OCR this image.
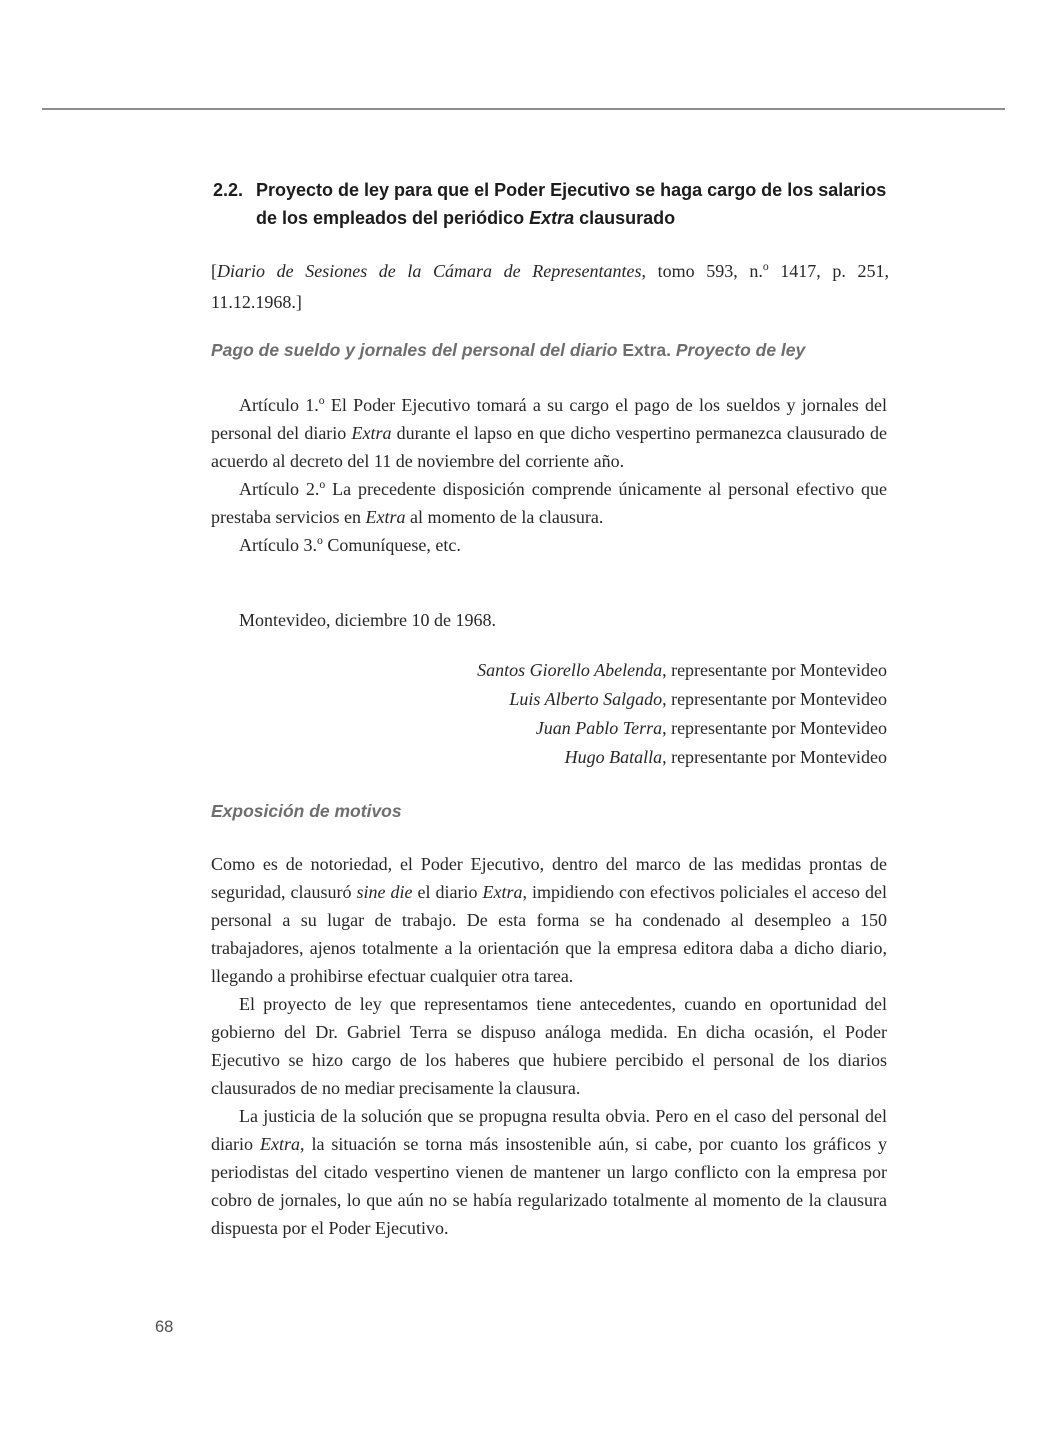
2.2. Proyecto de ley para que el Poder Ejecutivo se haga cargo de los salarios de los empleados del periódico Extra clausurado
[Diario de Sesiones de la Cámara de Representantes, tomo 593, n.$^o$ 1417, p. 251, 11.12.1968.]
Pago de sueldo y jornales del personal del diario Extra. Proyecto de ley

Artículo 1.$^o$ El Poder Ejecutivo tomará a su cargo el pago de los sueldos y jornales del personal del diario Extra durante el lapso en que dicho vespertino permanezca clausurado de acuerdo al decreto del 11 de noviembre del corriente año.

Artículo 2.$^o$ La precedente disposición comprende únicamente al personal efectivo que prestaba servicios en Extra al momento de la clausura.

Artículo 3.$^o$ Comuníquese, etc.

Montevideo, diciembre 10 de 1968.
Santos Giorello Abelenda, representante por Montevideo
Luis Alberto Salgado, representante por Montevideo
Juan Pablo Terra, representante por Montevideo
Hugo Batalla, representante por Montevideo
Exposición de motivos

Como es de notoriedad, el Poder Ejecutivo, dentro del marco de las medidas prontas de seguridad, clausuró sine die el diario Extra, impidiendo con efectivos policiales el acceso del personal a su lugar de trabajo. De esta forma se ha condenado al desempleo a 150 trabajadores, ajenos totalmente a la orientación que la empresa editora daba a dicho diario, llegando a prohibirse efectuar cualquier otra tarea.

El proyecto de ley que representamos tiene antecedentes, cuando en oportunidad del gobierno del Dr. Gabriel Terra se dispuso análoga medida. En dicha ocasión, el Poder Ejecutivo se hizo cargo de los haberes que hubiere percibido el personal de los diarios clausurados de no mediar precisamente la clausura.

La justicia de la solución que se propugna resulta obvia. Pero en el caso del personal del diario Extra, la situación se torna más insostenible aún, si cabe, por cuanto los gráficos y periodistas del citado vespertino vienen de mantener un largo conflicto con la empresa por cobro de jornales, lo que aún no se había regularizado totalmente al momento de la clausura dispuesta por el Poder Ejecutivo.

68
